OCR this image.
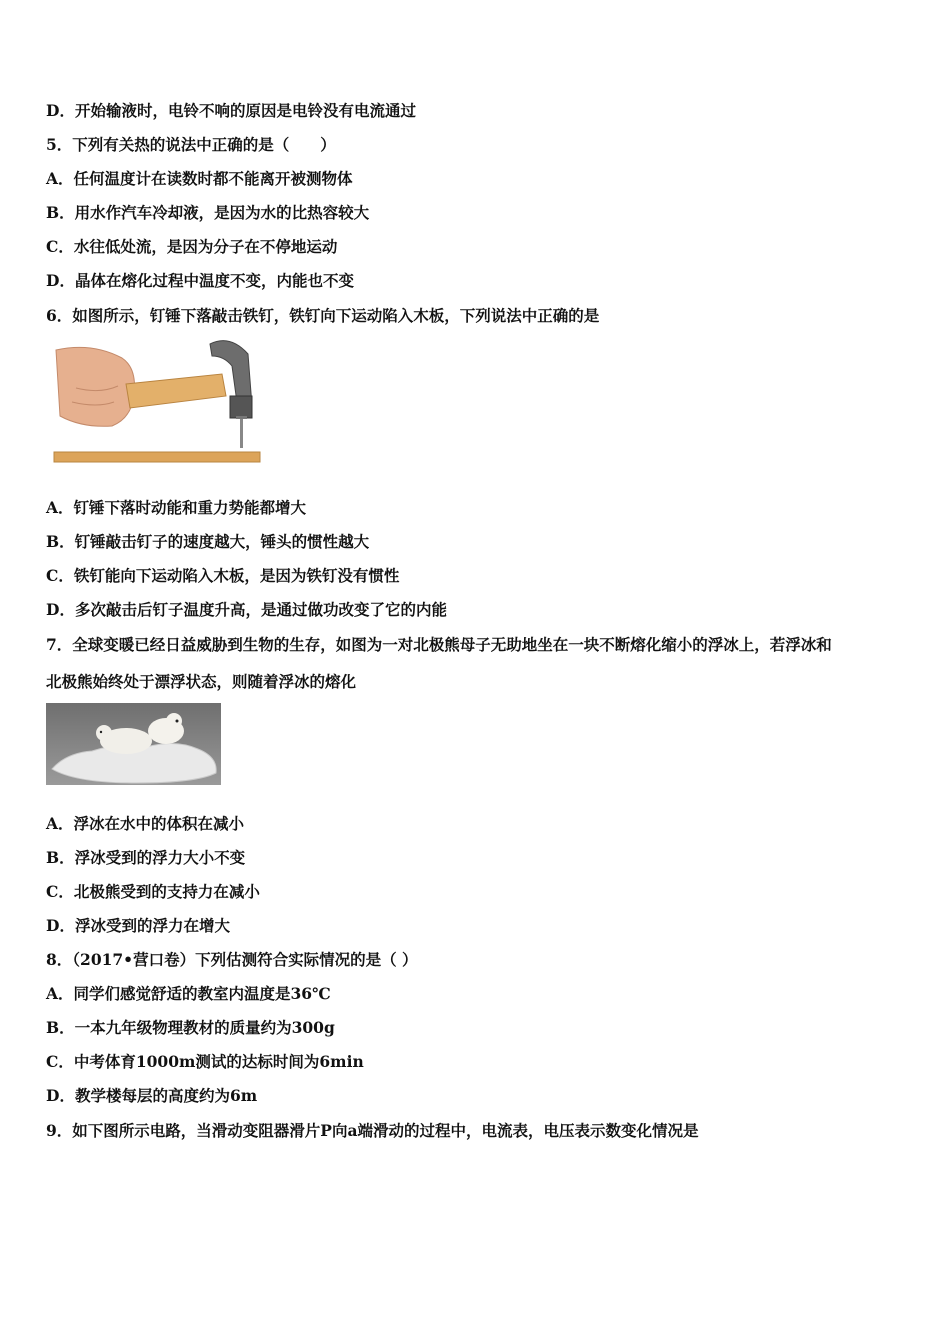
D．开始输液时，电铃不响的原因是电铃没有电流通过
5．下列有关热的说法中正确的是（　　）
A．任何温度计在读数时都不能离开被测物体
B．用水作汽车冷却液，是因为水的比热容较大
C．水往低处流，是因为分子在不停地运动
D．晶体在熔化过程中温度不变，内能也不变
6．如图所示，钉锤下落敲击铁钉，铁钉向下运动陷入木板，下列说法中正确的是
A．钉锤下落时动能和重力势能都增大
B．钉锤敲击钉子的速度越大，锤头的惯性越大
C．铁钉能向下运动陷入木板，是因为铁钉没有惯性
D．多次敲击后钉子温度升高，是通过做功改变了它的内能
7．全球变暖已经日益威胁到生物的生存，如图为一对北极熊母子无助地坐在一块不断熔化缩小的浮冰上，若浮冰和
北极熊始终处于漂浮状态，则随着浮冰的熔化
A．浮冰在水中的体积在减小
B．浮冰受到的浮力大小不变
C．北极熊受到的支持力在减小
D．浮冰受到的浮力在增大
8．（2017•营口卷）下列估测符合实际情况的是（ ）
A．同学们感觉舒适的教室内温度是36℃
B．一本九年级物理教材的质量约为300g
C．中考体育1000m测试的达标时间为6min
D．教学楼每层的高度约为6m
9．如下图所示电路，当滑动变阻器滑片P向a端滑动的过程中，电流表，电压表示数变化情况是
